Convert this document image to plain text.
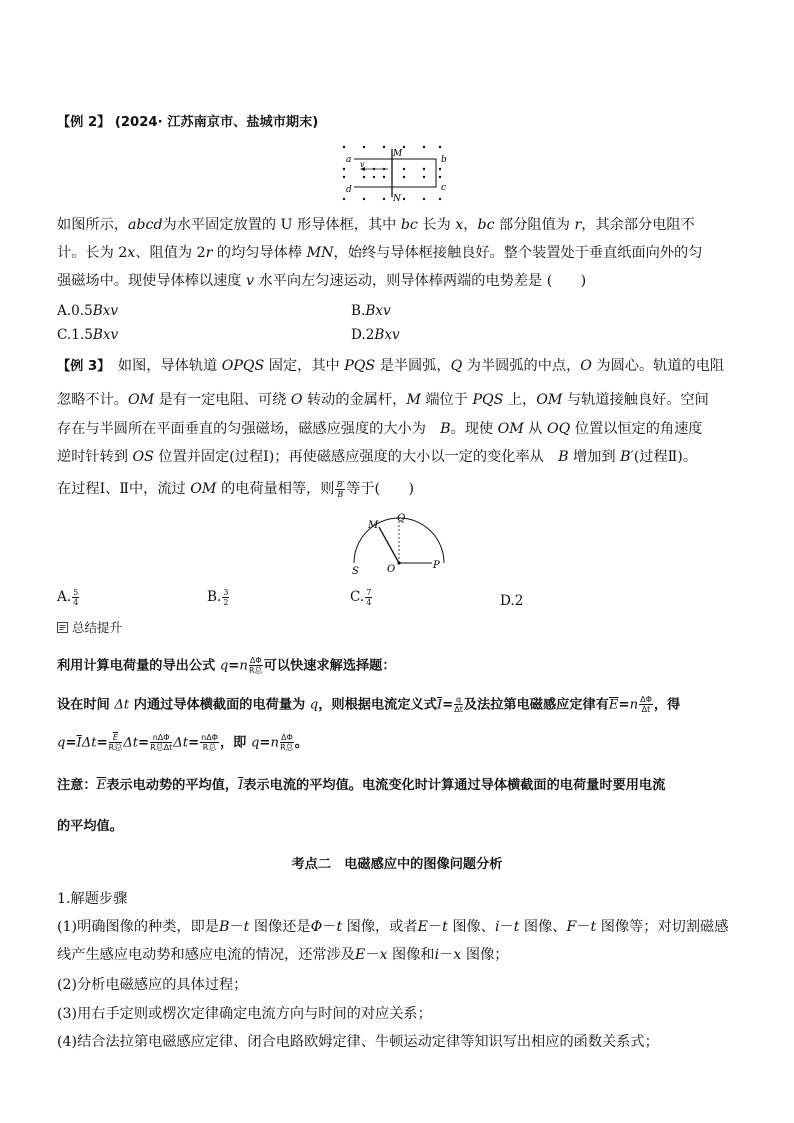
【例 2】 (2024· 江苏南京市、盐城市期末)
a
M
b
v
d
N
c
如图所示，abcd为水平固定放置的 U 形导体框，其中 bc 长为 x，bc 部分阻值为 r，其余部分电阻不
计。长为 2x、阻值为 2r 的均匀导体棒 MN，始终与导体框接触良好。整个装置处于垂直纸面向外的匀
强磁场中。现使导体棒以速度 v 水平向左匀速运动，则导体棒两端的电势差是 (　　)
A.0.5Bxv	B.Bxv
C.1.5Bxv	D.2Bxv
【例 3】　如图，导体轨道 OPQS 固定，其中 PQS 是半圆弧，Q 为半圆弧的中点，O 为圆心。轨道的电阻
忽略不计。OM 是有一定电阻、可绕 O 转动的金属杆，M 端位于 PQS 上，OM 与轨道接触良好。空间
存在与半圆所在平面垂直的匀强磁场，磁感应强度的大小为　B。现使 OM 从 OQ 位置以恒定的角速度
逆时针转到 OS 位置并固定(过程Ⅰ)；再使磁感应强度的大小以一定的变化率从　B 增加到 B′(过程Ⅱ)。
在过程Ⅰ、Ⅱ中，流过 OM 的电荷量相等，则 $\frac{B'}{B}$ 等于(　　)
M
Q
S	O	P
A. $\frac{5}{4}$	B. $\frac{3}{2}$	C. $\frac{7}{4}$	D.2
总结提升
利用计算电荷量的导出公式 $q=n \frac{\Delta\Phi}{\text{R总}}$ 可以快速求解选择题：
设在时间 Δt 内通过导体横截面的电荷量为 q，则根据电流定义式$\overline{I}= \frac{q}{\Delta t}$ 及法拉第电磁感应定律有$\overline{E}=n \frac{\Delta\Phi}{\Delta t}$ ，得
$q=\overline{I}\Delta t= \frac{\overline{E}}{\text{R总}} \Delta t= \frac{\text{nΔΦ}}{\text{R总Δt}} \Delta t= \frac{\text{nΔΦ}}{\text{R总}}$ ，即 $q=n \frac{\Delta\Phi}{\text{R总}}$ 。
注意：$\overline{E}$表示电动势的平均值，$\overline{I}$表示电流的平均值。电流变化时计算通过导体横截面的电荷量时要用电流
的平均值。
考点二　电磁感应中的图像问题分析
1.解题步骤
(1)明确图像的种类，即是B－t 图像还是Φ－t 图像，或者E－t 图像、i－t 图像、F－t 图像等；对切割磁感
线产生感应电动势和感应电流的情况，还常涉及E－x 图像和i－x 图像；
(2)分析电磁感应的具体过程；
(3)用右手定则或楞次定律确定电流方向与时间的对应关系；
(4)结合法拉第电磁感应定律、闭合电路欧姆定律、牛顿运动定律等知识写出相应的函数关系式；
